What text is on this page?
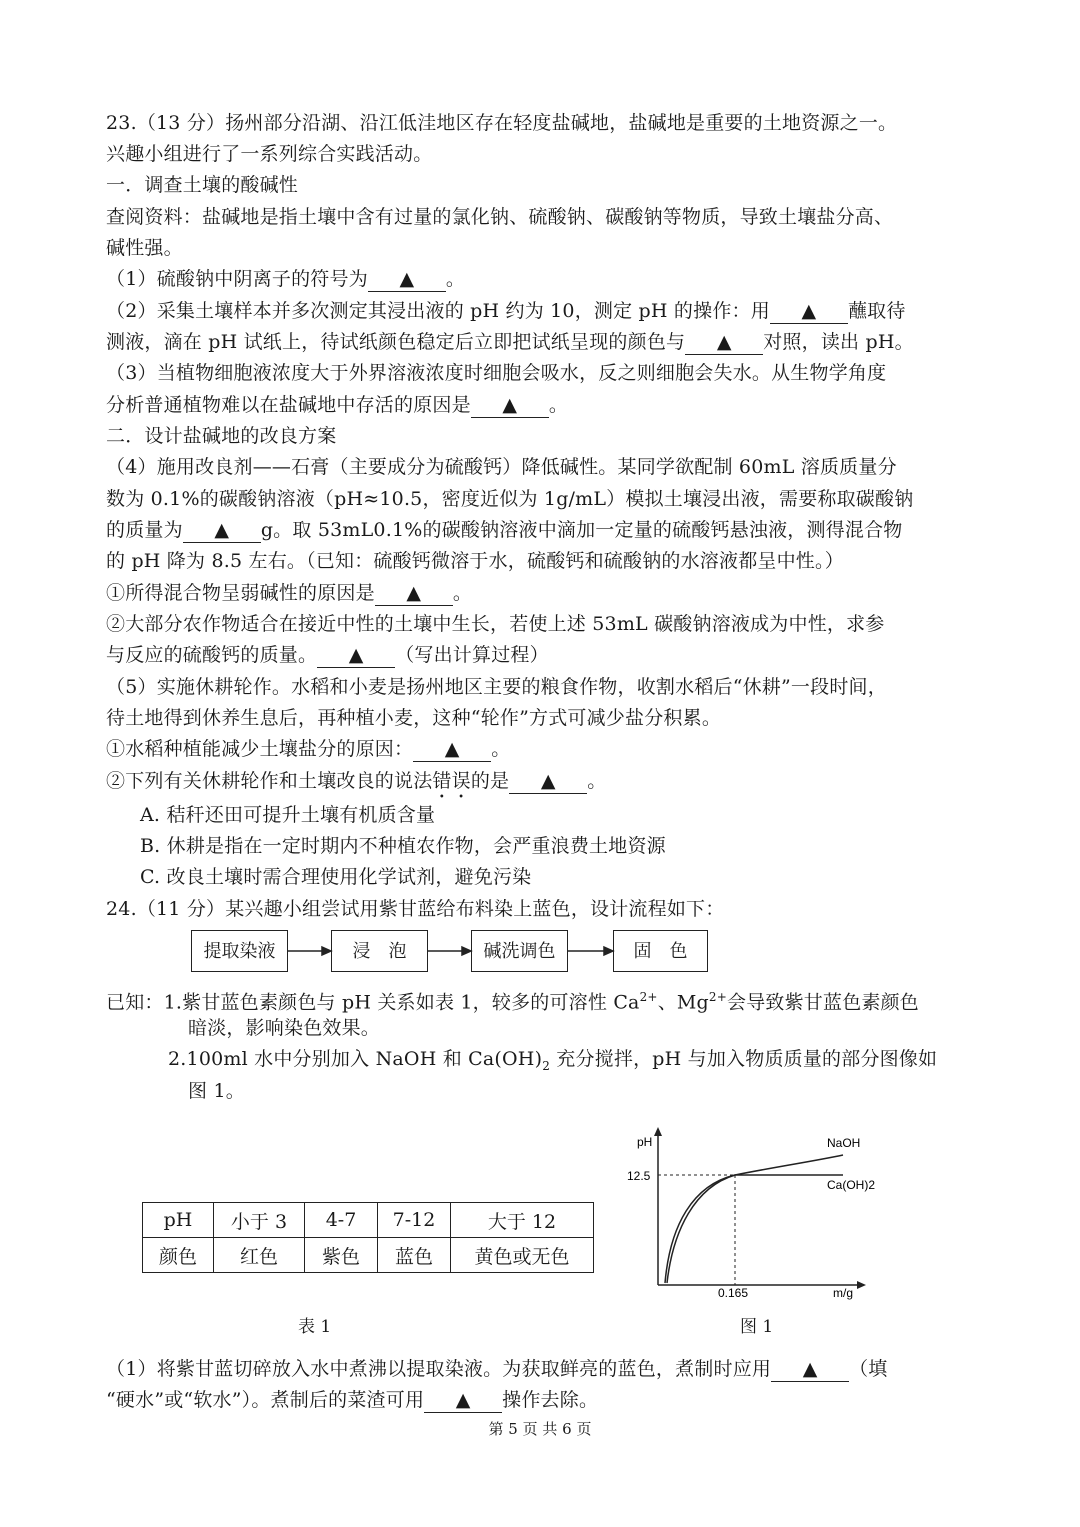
23.（13 分）扬州部分沿湖、沿江低洼地区存在轻度盐碱地，盐碱地是重要的土地资源之一。
兴趣小组进行了一系列综合实践活动。
一．调查土壤的酸碱性
查阅资料：盐碱地是指土壤中含有过量的氯化钠、硫酸钠、碳酸钠等物质，导致土壤盐分高、
碱性强。
（1）硫酸钠中阴离子的符号为 ▲ 。
（2）采集土壤样本并多次测定其浸出液的 pH 约为 10，测定 pH 的操作：用 ▲ 蘸取待
测液，滴在 pH 试纸上，待试纸颜色稳定后立即把试纸呈现的颜色与 ▲ 对照，读出 pH。
（3）当植物细胞液浓度大于外界溶液浓度时细胞会吸水，反之则细胞会失水。从生物学角度
分析普通植物难以在盐碱地中存活的原因是 ▲ 。
二．设计盐碱地的改良方案
（4）施用改良剂——石膏（主要成分为硫酸钙）降低碱性。某同学欲配制 60mL 溶质质量分
数为 0.1%的碳酸钠溶液（pH≈10.5，密度近似为 1g/mL）模拟土壤浸出液，需要称取碳酸钠
的质量为 ▲ g。取 53mL0.1%的碳酸钠溶液中滴加一定量的硫酸钙悬浊液，测得混合物
的 pH 降为 8.5 左右。（已知：硫酸钙微溶于水，硫酸钙和硫酸钠的水溶液都呈中性。）
①所得混合物呈弱碱性的原因是 ▲ 。
②大部分农作物适合在接近中性的土壤中生长，若使上述 53mL 碳酸钠溶液成为中性，求参
与反应的硫酸钙的质量。 ▲ （写出计算过程）
（5）实施休耕轮作。水稻和小麦是扬州地区主要的粮食作物，收割水稻后“休耕”一段时间，
待土地得到休养生息后，再种植小麦，这种“轮作”方式可减少盐分积累。
①水稻种植能减少土壤盐分的原因： ▲ 。
②下列有关休耕轮作和土壤改良的说法错误的是 ▲ 。
A. 秸秆还田可提升土壤有机质含量
B. 休耕是指在一定时期内不种植农作物，会严重浪费土地资源
C. 改良土壤时需合理使用化学试剂，避免污染
24.（11 分）某兴趣小组尝试用紫甘蓝给布料染上蓝色，设计流程如下：
提取染液	浸　泡	碱洗调色	固　色
已知：1.紫甘蓝色素颜色与 pH 关系如表 1，较多的可溶性 $Ca^{2+}$、$Mg^{2+}$会导致紫甘蓝色素颜色
暗淡，影响染色效果。
2.100ml 水中分别加入 NaOH 和 $Ca(OH)_2$ 充分搅拌，pH 与加入物质质量的部分图像如
图 1。
pH	小于 3	4-7	7-12	大于 12
颜色	红色	紫色	蓝色	黄色或无色
表 1
pH
m/g
12.5
0.165
NaOH
Ca(OH)2
图 1
（1）将紫甘蓝切碎放入水中煮沸以提取染液。为获取鲜亮的蓝色，煮制时应用 ▲ （填
“硬水”或“软水”）。煮制后的菜渣可用 ▲ 操作去除。
第 5 页 共 6 页
